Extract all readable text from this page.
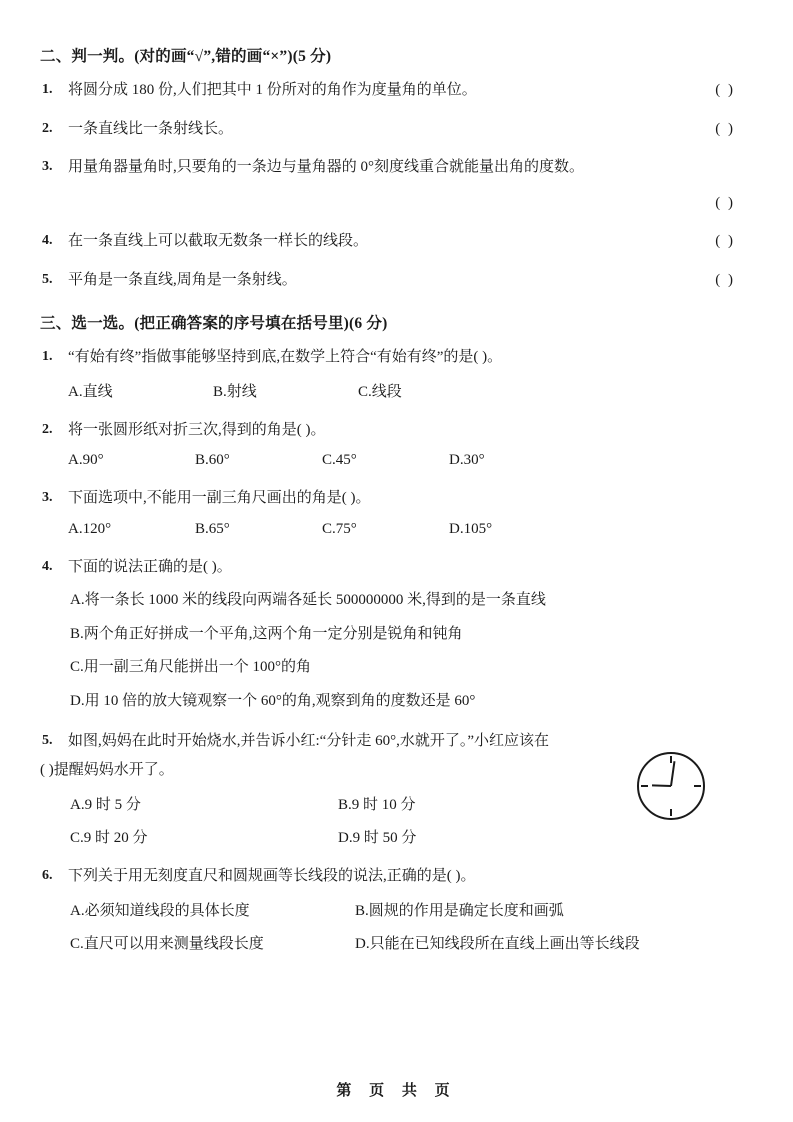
二、判一判。(对的画“√”,错的画“×”)(5 分)
1. 将圆分成 180 份,人们把其中 1 份所对的角作为度量角的单位。	( )
2. 一条直线比一条射线长。	( )
3. 用量角器量角时,只要角的一条边与量角器的 0°刻度线重合就能量出角的度数。
( )
4. 在一条直线上可以截取无数条一样长的线段。	( )
5. 平角是一条直线,周角是一条射线。	( )
三、选一选。(把正确答案的序号填在括号里)(6 分)
1. “有始有终”指做事能够坚持到底,在数学上符合“有始有终”的是( )。
A.直线	B.射线	C.线段
2. 将一张圆形纸对折三次,得到的角是( )。
A.90°	B.60°	C.45°	D.30°
3. 下面选项中,不能用一副三角尺画出的角是( )。
A.120°	B.65°	C.75°	D.105°
4. 下面的说法正确的是( )。
A.将一条长 1000 米的线段向两端各延长 500000000 米,得到的是一条直线
B.两个角正好拼成一个平角,这两个角一定分别是锐角和钝角
C.用一副三角尺能拼出一个 100°的角
D.用 10 倍的放大镜观察一个 60°的角,观察到角的度数还是 60°
5. 如图,妈妈在此时开始烧水,并告诉小红:“分针走 60°,水就开了。”小红应该在
( )提醒妈妈水开了。
A.9 时 5 分	B.9 时 10 分
C.9 时 20 分	D.9 时 50 分
6. 下列关于用无刻度直尺和圆规画等长线段的说法,正确的是( )。
A.必须知道线段的具体长度	B.圆规的作用是确定长度和画弧
C.直尺可以用来测量线段长度	D.只能在已知线段所在直线上画出等长线段
第 页 共 页
